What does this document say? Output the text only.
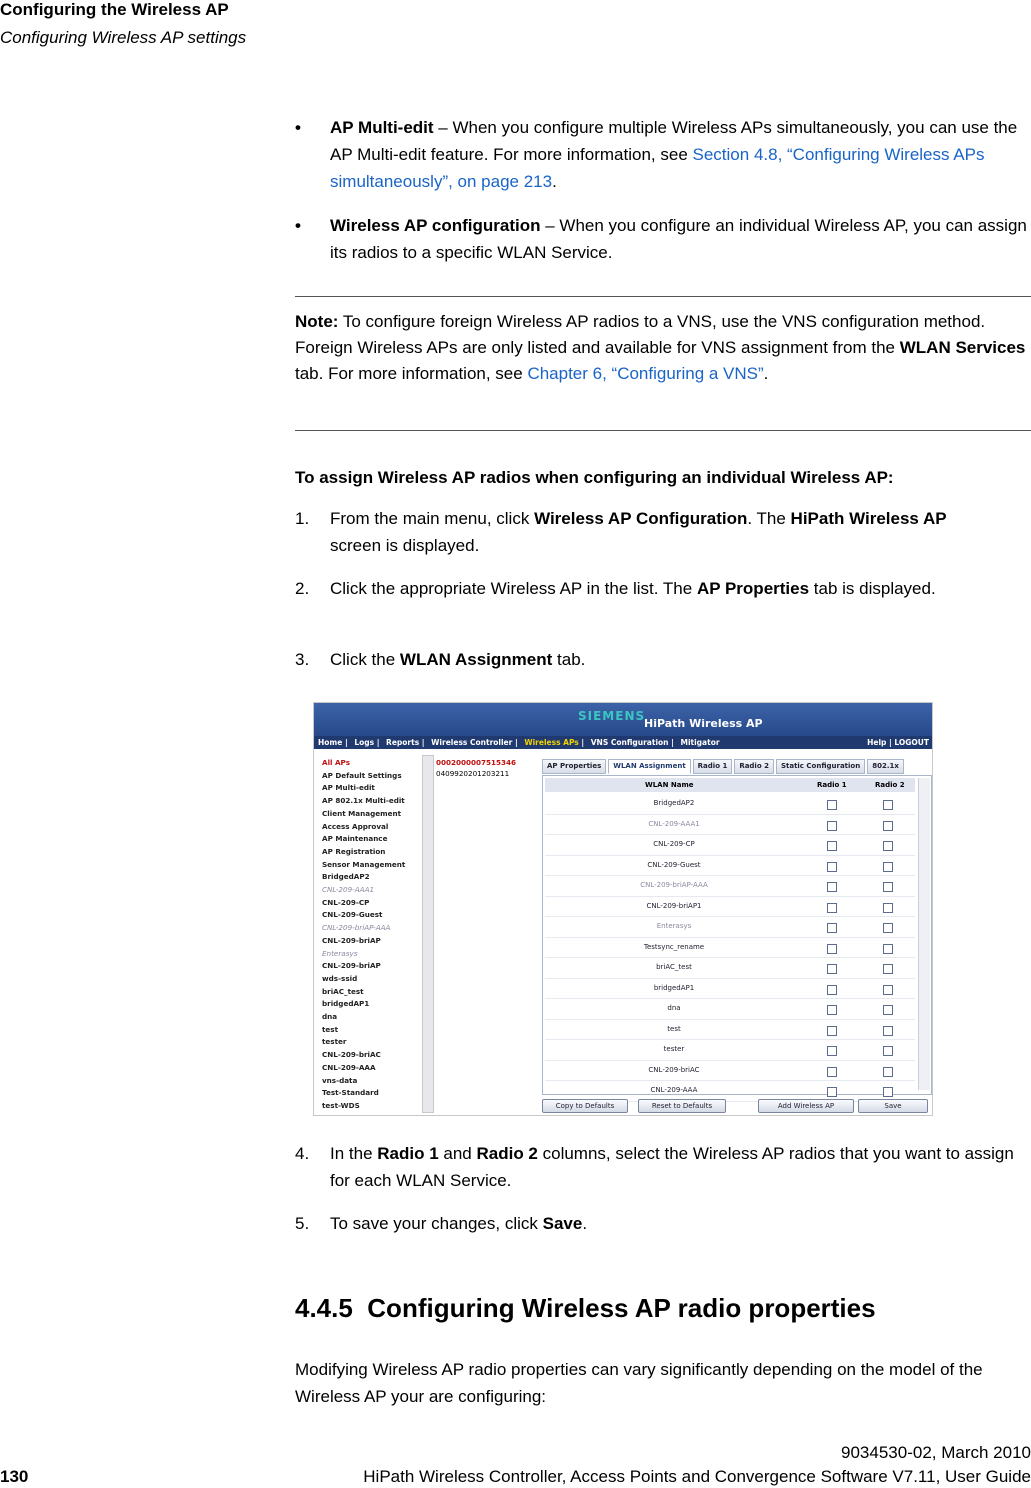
Configuring the Wireless AP
Configuring Wireless AP settings
• AP Multi-edit – When you configure multiple Wireless APs simultaneously, you can use the AP Multi-edit feature. For more information, see Section 4.8, “Configuring Wireless APs simultaneously”, on page 213.
• Wireless AP configuration – When you configure an individual Wireless AP, you can assign its radios to a specific WLAN Service.
Note: To configure foreign Wireless AP radios to a VNS, use the VNS configuration method. Foreign Wireless APs are only listed and available for VNS assignment from the WLAN Services tab. For more information, see Chapter 6, “Configuring a VNS”.
To assign Wireless AP radios when configuring an individual Wireless AP:
1. From the main menu, click Wireless AP Configuration. The HiPath Wireless AP screen is displayed.
2. Click the appropriate Wireless AP in the list. The AP Properties tab is displayed.
3. Click the WLAN Assignment tab.
SIEMENS
HiPath Wireless AP
Home | Logs | Reports | Wireless Controller | Wireless APs | VNS Configuration | Mitigator	Help | LOGOUT
All APs
AP Default Settings
AP Multi-edit
AP 802.1x Multi-edit
Client Management
Access Approval
AP Maintenance
AP Registration
Sensor Management
BridgedAP2
CNL-209-AAA1
CNL-209-CP
CNL-209-Guest
CNL-209-briAP-AAA
CNL-209-briAP
Enterasys
CNL-209-briAP
wds-ssid
briAC_test
bridgedAP1
dna
test
tester
CNL-209-briAC
CNL-209-AAA
vns-data
Test-Standard
test-WDS
0002000007515346
0409920201203211
AP Properties WLAN Assignment Radio 1 Radio 2 Static Configuration 802.1x
WLAN Name	Radio 1	Radio 2
BridgedAP2
CNL-209-AAA1
CNL-209-CP
CNL-209-Guest
CNL-209-briAP-AAA
CNL-209-briAP1
Enterasys
Testsync_rename
briAC_test
bridgedAP1
dna
test
tester
CNL-209-briAC
CNL-209-AAA
Copy to Defaults	Reset to Defaults	Add Wireless AP	Save
4. In the Radio 1 and Radio 2 columns, select the Wireless AP radios that you want to assign for each WLAN Service.
5. To save your changes, click Save.
4.4.5 Configuring Wireless AP radio properties
Modifying Wireless AP radio properties can vary significantly depending on the model of the Wireless AP your are configuring:
9034530-02, March 2010
130	HiPath Wireless Controller, Access Points and Convergence Software V7.11, User Guide
